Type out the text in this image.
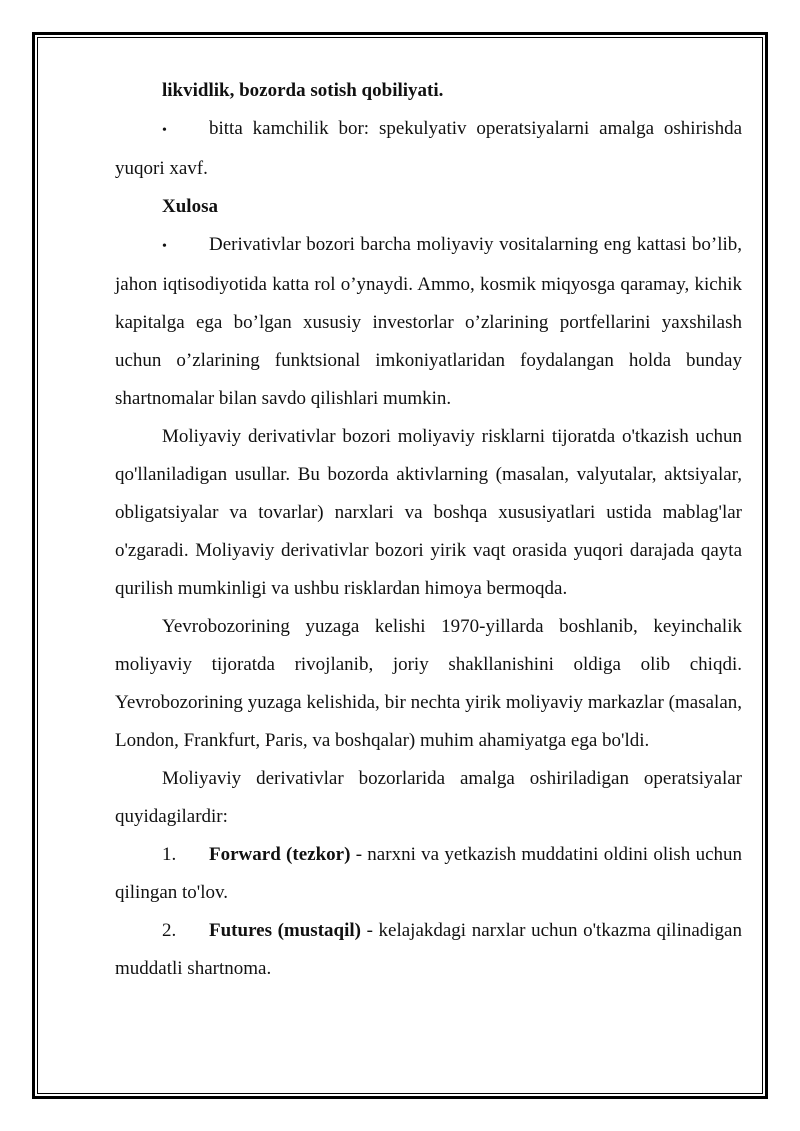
likvidlik, bozorda sotish qobiliyati.

• bitta kamchilik bor: spekulyativ operatsiyalarni amalga oshirishda yuqori xavf.

Xulosa

• Derivativlar bozori barcha moliyaviy vositalarning eng kattasi bo’lib, jahon iqtisodiyotida katta rol o’ynaydi. Ammo, kosmik miqyosga qaramay, kichik kapitalga ega bo’lgan xususiy investorlar o’zlarining portfellarini yaxshilash uchun o’zlarining funktsional imkoniyatlaridan foydalangan holda bunday shartnomalar bilan savdo qilishlari mumkin.

Moliyaviy derivativlar bozori moliyaviy risklarni tijoratda o'tkazish uchun qo'llaniladigan usullar. Bu bozorda aktivlarning (masalan, valyutalar, aktsiyalar, obligatsiyalar va tovarlar) narxlari va boshqa xususiyatlari ustida mablag'lar o'zgaradi. Moliyaviy derivativlar bozori yirik vaqt orasida yuqori darajada qayta qurilish mumkinligi va ushbu risklardan himoya bermoqda.

Yevrobozorining yuzaga kelishi 1970-yillarda boshlanib, keyinchalik moliyaviy tijoratda rivojlanib, joriy shakllanishini oldiga olib chiqdi. Yevrobozorining yuzaga kelishida, bir nechta yirik moliyaviy markazlar (masalan, London, Frankfurt, Paris, va boshqalar) muhim ahamiyatga ega bo'ldi.

Moliyaviy derivativlar bozorlarida amalga oshiriladigan operatsiyalar quyidagilardir:

1. Forward (tezkor) - narxni va yetkazish muddatini oldini olish uchun qilingan to'lov.

2. Futures (mustaqil) - kelajakdagi narxlar uchun o'tkazma qilinadigan muddatli shartnoma.
